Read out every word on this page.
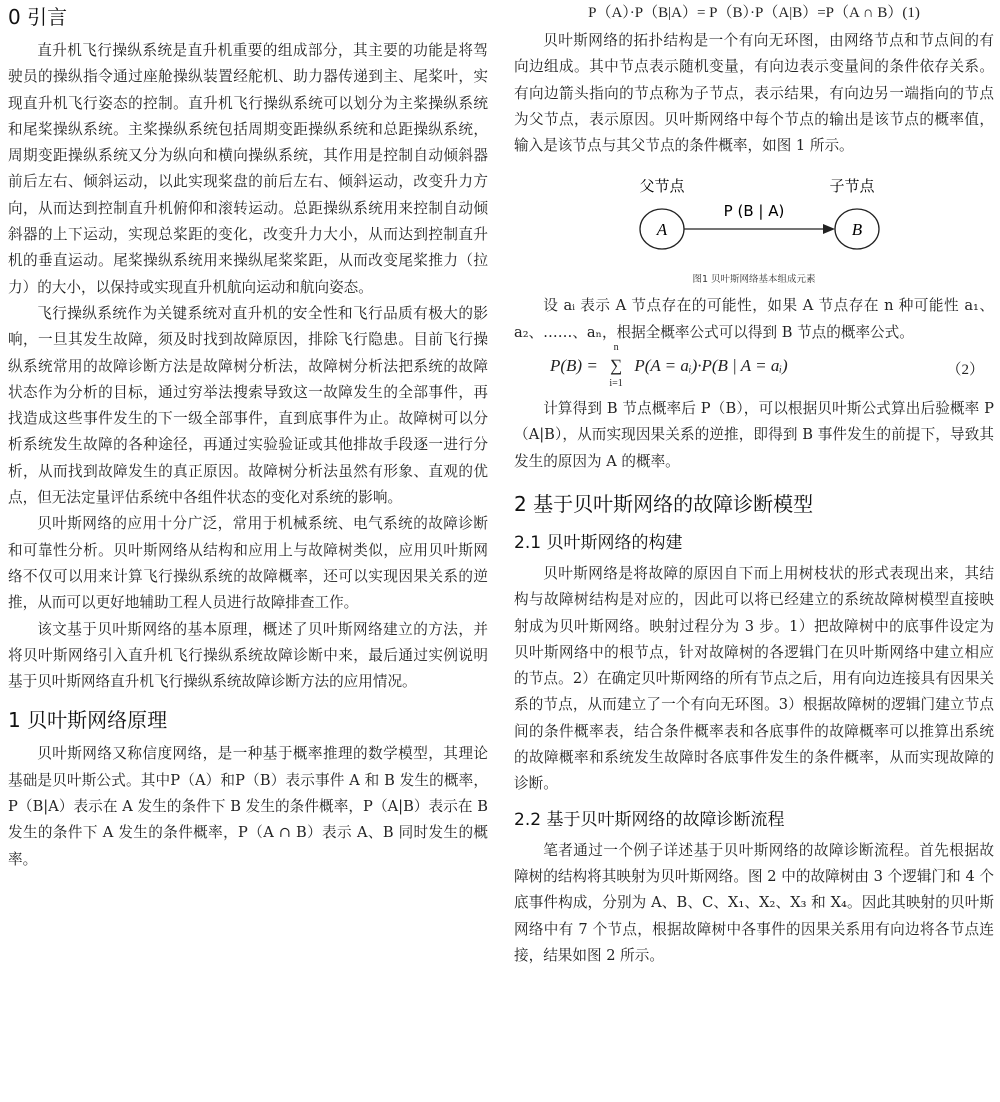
0 引言

直升机飞行操纵系统是直升机重要的组成部分，其主要的功能是将驾驶员的操纵指令通过座舱操纵装置经舵机、助力器传递到主、尾桨叶，实现直升机飞行姿态的控制。直升机飞行操纵系统可以划分为主桨操纵系统和尾桨操纵系统。主桨操纵系统包括周期变距操纵系统和总距操纵系统，周期变距操纵系统又分为纵向和横向操纵系统，其作用是控制自动倾斜器前后左右、倾斜运动，以此实现桨盘的前后左右、倾斜运动，改变升力方向，从而达到控制直升机俯仰和滚转运动。总距操纵系统用来控制自动倾斜器的上下运动，实现总桨距的变化，改变升力大小，从而达到控制直升机的垂直运动。尾桨操纵系统用来操纵尾桨桨距，从而改变尾桨推力（拉力）的大小，以保持或实现直升机航向运动和航向姿态。

飞行操纵系统作为关键系统对直升机的安全性和飞行品质有极大的影响，一旦其发生故障，须及时找到故障原因，排除飞行隐患。目前飞行操纵系统常用的故障诊断方法是故障树分析法，故障树分析法把系统的故障状态作为分析的目标，通过穷举法搜索导致这一故障发生的全部事件，再找造成这些事件发生的下一级全部事件，直到底事件为止。故障树可以分析系统发生故障的各种途径，再通过实验验证或其他排故手段逐一进行分析，从而找到故障发生的真正原因。故障树分析法虽然有形象、直观的优点，但无法定量评估系统中各组件状态的变化对系统的影响。

贝叶斯网络的应用十分广泛，常用于机械系统、电气系统的故障诊断和可靠性分析。贝叶斯网络从结构和应用上与故障树类似，应用贝叶斯网络不仅可以用来计算飞行操纵系统的故障概率，还可以实现因果关系的逆推，从而可以更好地辅助工程人员进行故障排查工作。

该文基于贝叶斯网络的基本原理，概述了贝叶斯网络建立的方法，并将贝叶斯网络引入直升机飞行操纵系统故障诊断中来，最后通过实例说明基于贝叶斯网络直升机飞行操纵系统故障诊断方法的应用情况。

1 贝叶斯网络原理

贝叶斯网络又称信度网络，是一种基于概率推理的数学模型，其理论基础是贝叶斯公式。其中P（A）和P（B）表示事件 A 和 B 发生的概率，P（B|A）表示在 A 发生的条件下 B 发生的条件概率，P（A|B）表示在 B 发生的条件下 A 发生的条件概率，P（A ∩ B）表示 A、B 同时发生的概率。

P（A）·P（B|A）= P（B）·P（A|B）=P（A ∩ B）(1)

贝叶斯网络的拓扑结构是一个有向无环图，由网络节点和节点间的有向边组成。其中节点表示随机变量，有向边表示变量间的条件依存关系。有向边箭头指向的节点称为子节点，表示结果，有向边另一端指向的节点为父节点，表示原因。贝叶斯网络中每个节点的输出是该节点的概率值，输入是该节点与其父节点的条件概率，如图 1 所示。

父节点	子节点
A	B
P (B | A)

图1 贝叶斯网络基本组成元素

设 aᵢ 表示 A 节点存在的可能性，如果 A 节点存在 n 种可能性 a₁、a₂、……、aₙ，根据全概率公式可以得到 B 节点的概率公式。

P(B) =
n
∑
i=1
P(A = aᵢ)·P(B | A = aᵢ)	（2）

计算得到 B 节点概率后 P（B），可以根据贝叶斯公式算出后验概率 P（A|B），从而实现因果关系的逆推，即得到 B 事件发生的前提下，导致其发生的原因为 A 的概率。

2 基于贝叶斯网络的故障诊断模型
2.1 贝叶斯网络的构建

贝叶斯网络是将故障的原因自下而上用树枝状的形式表现出来，其结构与故障树结构是对应的，因此可以将已经建立的系统故障树模型直接映射成为贝叶斯网络。映射过程分为 3 步。1）把故障树中的底事件设定为贝叶斯网络中的根节点，针对故障树的各逻辑门在贝叶斯网络中建立相应的节点。2）在确定贝叶斯网络的所有节点之后，用有向边连接具有因果关系的节点，从而建立了一个有向无环图。3）根据故障树的逻辑门建立节点间的条件概率表，结合条件概率表和各底事件的故障概率可以推算出系统的故障概率和系统发生故障时各底事件发生的条件概率，从而实现故障的诊断。

2.2 基于贝叶斯网络的故障诊断流程

笔者通过一个例子详述基于贝叶斯网络的故障诊断流程。首先根据故障树的结构将其映射为贝叶斯网络。图 2 中的故障树由 3 个逻辑门和 4 个底事件构成，分别为 A、B、C、X₁、X₂、X₃ 和 X₄。因此其映射的贝叶斯网络中有 7 个节点，根据故障树中各事件的因果关系用有向边将各节点连接，结果如图 2 所示。
